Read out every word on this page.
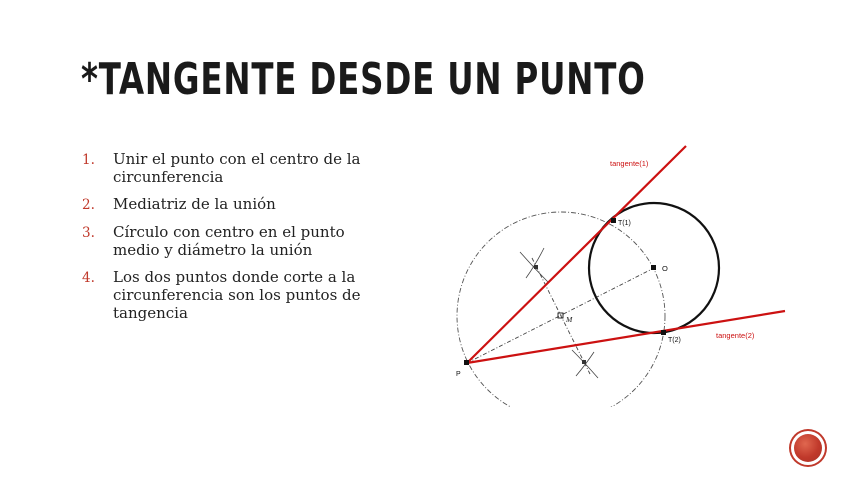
*TANGENTE DESDE UN PUNTO
1.	Unir el punto con el centro de la circunferencia
2.	Mediatriz de la unión
3.	Círculo con centro en el punto medio y diámetro la unión
4.	Los dos puntos donde corte a la circunferencia son los puntos de tangencia
tangente(1)
tangente(2)
T(1)
T(2)
O
M
P
